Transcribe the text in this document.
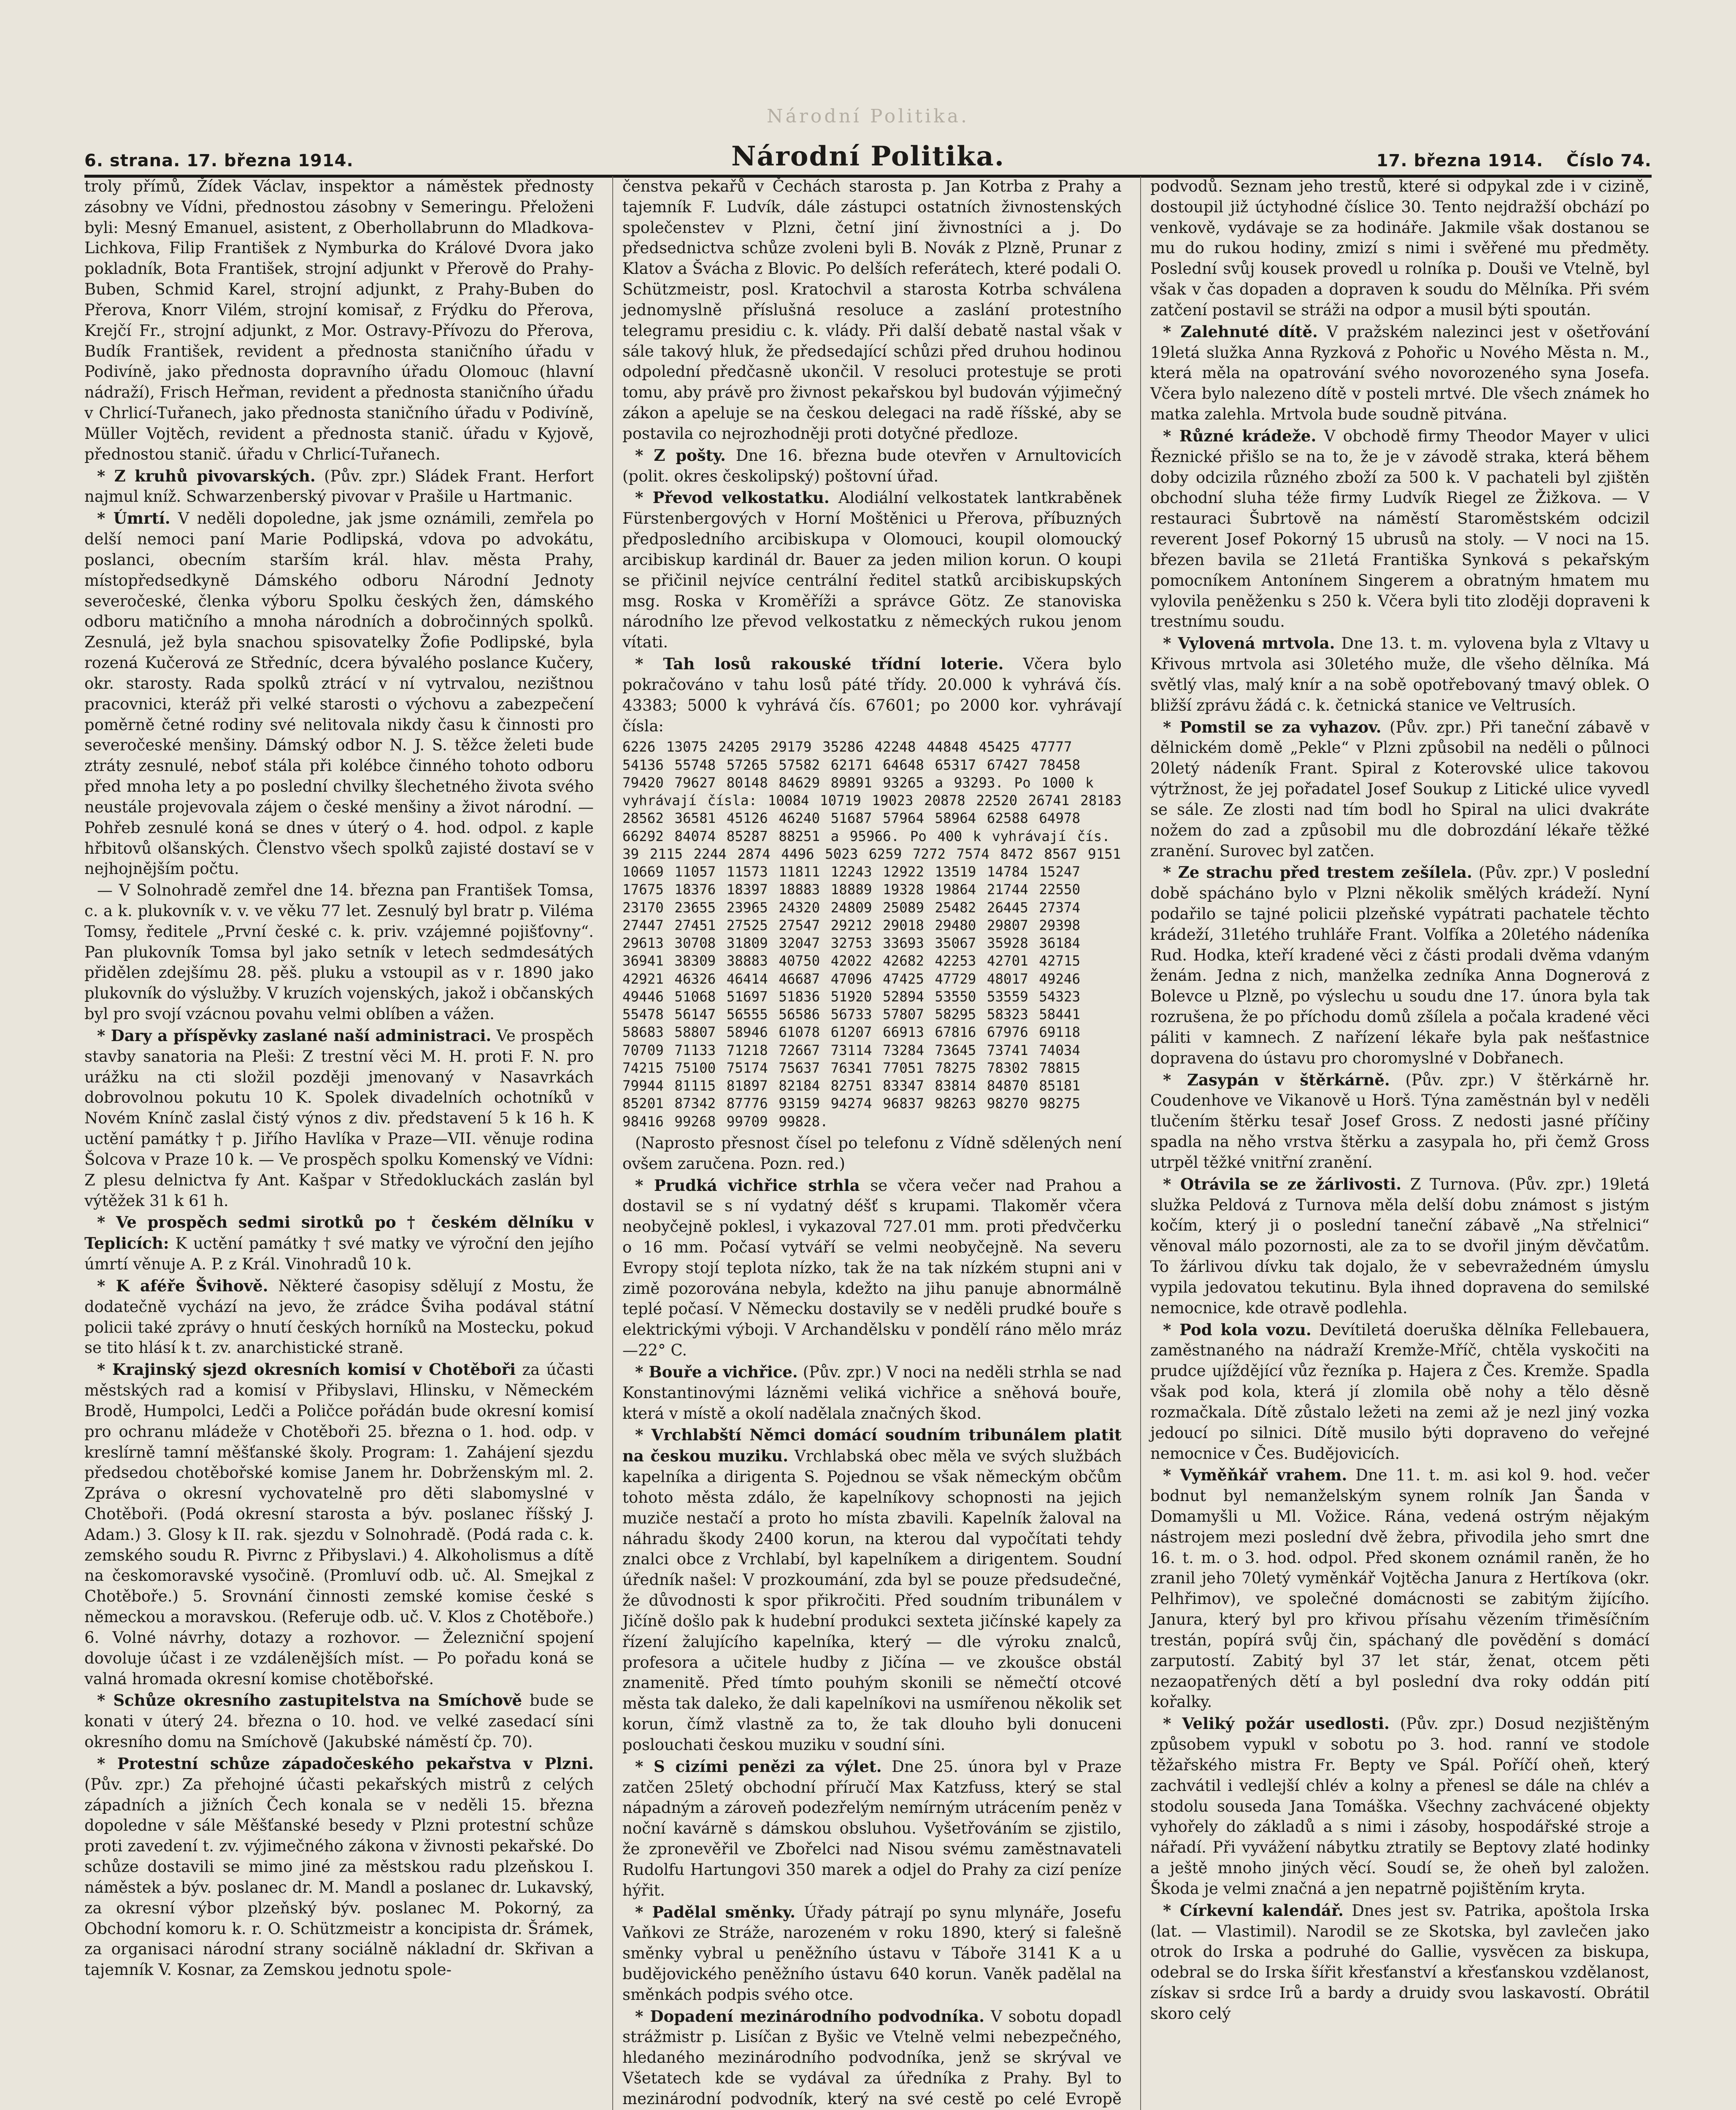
Národní Politika.
6. strana. 17. března 1914.	Národní Politika.	17. března 1914. Číslo 74.

troly přímů, Žídek Václav, inspektor a náměstek přednosty zásobny ve Vídni, přednostou zásobny v Semeringu. Přeloženi byli: Mesný Emanuel, asistent, z Oberhollabrunn do Mladkova-Lichkova, Filip František z Nymburka do Králové Dvora jako pokladník, Bota František, strojní adjunkt v Přerově do Prahy-Buben, Schmid Karel, strojní adjunkt, z Prahy-Buben do Přerova, Knorr Vilém, strojní komisař, z Frýdku do Přerova, Krejčí Fr., strojní adjunkt, z Mor. Ostravy-Přívozu do Přerova, Budík František, revident a přednosta staničního úřadu v Podivíně, jako přednosta dopravního úřadu Olomouc (hlavní nádraží), Frisch Heřman, revident a přednosta staničního úřadu v Chrlicí-Tuřanech, jako přednosta staničního úřadu v Podivíně, Müller Vojtěch, revident a přednosta stanič. úřadu v Kyjově, přednostou stanič. úřadu v Chrlicí-Tuřanech.

* Z kruhů pivovarských. (Pův. zpr.) Sládek Frant. Herfort najmul kníž. Schwarzenberský pivovar v Prašile u Hartmanic.

* Úmrtí. V neděli dopoledne, jak jsme oznámili, zemřela po delší nemoci paní Marie Podlipská, vdova po advokátu, poslanci, obecním starším král. hlav. města Prahy, místopředsedkyně Dámského odboru Národní Jednoty severočeské, členka výboru Spolku českých žen, dámského odboru matičního a mnoha národních a dobročinných spolků. Zesnulá, jež byla snachou spisovatelky Žofie Podlipské, byla rozená Kučerová ze Středníc, dcera bývalého poslance Kučery, okr. starosty. Rada spolků ztrácí v ní vytrvalou, nezištnou pracovnici, kteráž při velké starosti o výchovu a zabezpečení poměrně četné rodiny své nelitovala nikdy času k činnosti pro severočeské menšiny. Dámský odbor N. J. S. těžce želeti bude ztráty zesnulé, neboť stála při kolébce činného tohoto odboru před mnoha lety a po poslední chvilky šlechetného života svého neustále projevovala zájem o české menšiny a život národní. — Pohřeb zesnulé koná se dnes v úterý o 4. hod. odpol. z kaple hřbitovů olšanských. Členstvo všech spolků zajisté dostaví se v nejhojnějším počtu.

— V Solnohradě zemřel dne 14. března pan František Tomsa, c. a k. plukovník v. v. ve věku 77 let. Zesnulý byl bratr p. Viléma Tomsy, ředitele „První české c. k. priv. vzájemné pojišťovny“. Pan plukovník Tomsa byl jako setník v letech sedmdesátých přidělen zdejšímu 28. pěš. pluku a vstoupil as v r. 1890 jako plukovník do výslužby. V kruzích vojenských, jakož i občanských byl pro svojí vzácnou povahu velmi oblíben a vážen.

* Dary a příspěvky zaslané naší administraci. Ve prospěch stavby sanatoria na Pleši: Z trestní věci M. H. proti F. N. pro urážku na cti složil později jmenovaný v Nasavrkách dobrovolnou pokutu 10 K. Spolek divadelních ochotníků v Novém Knínč zaslal čistý výnos z div. představení 5 k 16 h. K uctění památky † p. Jiřího Havlíka v Praze—VII. věnuje rodina Šolcova v Praze 10 k. — Ve prospěch spolku Komenský ve Vídni: Z plesu delnictva fy Ant. Kašpar v Středokluckách zaslán byl výtěžek 31 k 61 h.

* Ve prospěch sedmi sirotků po † českém dělníku v Teplicích: K uctění památky † své matky ve výroční den jejího úmrtí věnuje A. P. z Král. Vinohradů 10 k.

* K aféře Švihově. Některé časopisy sdělují z Mostu, že dodatečně vychází na jevo, že zrádce Šviha podával státní policii také zprávy o hnutí českých horníků na Mostecku, pokud se tito hlásí k t. zv. anarchistické straně.

* Krajinský sjezd okresních komisí v Chotěboři za účasti městských rad a komisí v Přibyslavi, Hlinsku, v Německém Brodě, Humpolci, Ledči a Poličce pořádán bude okresní komisí pro ochranu mládeže v Chotěboři 25. března o 1. hod. odp. v kreslírně tamní měšťanské školy. Program: 1. Zahájení sjezdu předsedou chotěbořské komise Janem hr. Dobrženským ml. 2. Zpráva o okresní vychovatelně pro děti slabomyslné v Chotěboři. (Podá okresní starosta a býv. poslanec říšský J. Adam.) 3. Glosy k II. rak. sjezdu v Solnohradě. (Podá rada c. k. zemského soudu R. Pivrnc z Přibyslavi.) 4. Alkoholismus a dítě na českomoravské vysočině. (Promluví odb. uč. Al. Smejkal z Chotěboře.) 5. Srovnání činnosti zemské komise české s německou a moravskou. (Referuje odb. uč. V. Klos z Chotěboře.) 6. Volné návrhy, dotazy a rozhovor. — Železniční spojení dovoluje účast i ze vzdálenějších míst. — Po pořadu koná se valná hromada okresní komise chotěbořské.

* Schůze okresního zastupitelstva na Smíchově bude se konati v úterý 24. března o 10. hod. ve velké zasedací síni okresního domu na Smíchově (Jakubské náměstí čp. 70).

* Protestní schůze západočeského pekařstva v Plzni. (Pův. zpr.) Za přehojné účasti pekařských mistrů z celých západních a jižních Čech konala se v neděli 15. března dopoledne v sále Měšťanské besedy v Plzni protestní schůze proti zavedení t. zv. výjimečného zákona v živnosti pekařské. Do schůze dostavili se mimo jiné za městskou radu plzeňskou I. náměstek a býv. poslanec dr. M. Mandl a poslanec dr. Lukavský, za okresní výbor plzeňský býv. poslanec M. Pokorný, za Obchodní komoru k. r. O. Schützmeistr a koncipista dr. Šrámek, za organisaci národní strany sociálně nákladní dr. Skřivan a tajemník V. Kosnar, za Zemskou jednotu spole-

čenstva pekařů v Čechách starosta p. Jan Kotrba z Prahy a tajemník F. Ludvík, dále zástupci ostatních živnostenských společenstev v Plzni, četní jiní živnostníci a j. Do předsednictva schůze zvoleni byli B. Novák z Plzně, Prunar z Klatov a Švácha z Blovic. Po delších referátech, které podali O. Schützmeistr, posl. Kratochvil a starosta Kotrba schválena jednomyslně příslušná resoluce a zaslání protestního telegramu presidiu c. k. vlády. Při další debatě nastal však v sále takový hluk, že předsedající schůzi před druhou hodinou odpolední předčasně ukončil. V resoluci protestuje se proti tomu, aby právě pro živnost pekařskou byl budován výjimečný zákon a apeluje se na českou delegaci na radě říšské, aby se postavila co nejrozhodněji proti dotyčné předloze.

* Z pošty. Dne 16. března bude otevřen v Arnultovicích (polit. okres českolipský) poštovní úřad.

* Převod velkostatku. Alodiální velkostatek lantkraběnek Fürstenbergových v Horní Moštěnici u Přerova, příbuzných předposledního arcibiskupa v Olomouci, koupil olomoucký arcibiskup kardinál dr. Bauer za jeden milion korun. O koupi se přičinil nejvíce centrální ředitel statků arcibiskupských msg. Roska v Kroměříži a správce Götz. Ze stanoviska národního lze převod velkostatku z německých rukou jenom vítati.

* Tah losů rakouské třídní loterie. Včera bylo pokračováno v tahu losů páté třídy. 20.000 k vyhrává čís. 43383; 5000 k vyhrává čís. 67601; po 2000 kor. vyhrávají čísla:

6226 13075 24205 29179 35286 42248 44848 45425 47777 54136 55748 57265 57582 62171 64648 65317 67427 78458 79420 79627 80148 84629 89891 93265 a 93293. Po 1000 k vyhrávají čísla: 10084 10719 19023 20878 22520 26741 28183 28562 36581 45126 46240 51687 57964 58964 62588 64978 66292 84074 85287 88251 a 95966. Po 400 k vyhrávají čís. 39 2115 2244 2874 4496 5023 6259 7272 7574 8472 8567 9151 10669 11057 11573 11811 12243 12922 13519 14784 15247 17675 18376 18397 18883 18889 19328 19864 21744 22550 23170 23655 23965 24320 24809 25089 25482 26445 27374 27447 27451 27525 27547 29212 29018 29480 29807 29398 29613 30708 31809 32047 32753 33693 35067 35928 36184 36941 38309 38883 40750 42022 42682 42253 42701 42715 42921 46326 46414 46687 47096 47425 47729 48017 49246 49446 51068 51697 51836 51920 52894 53550 53559 54323 55478 56147 56555 56586 56733 57807 58295 58323 58441 58683 58807 58946 61078 61207 66913 67816 67976 69118 70709 71133 71218 72667 73114 73284 73645 73741 74034 74215 75100 75174 75637 76341 77051 78275 78302 78815 79944 81115 81897 82184 82751 83347 83814 84870 85181 85201 87342 87776 93159 94274 96837 98263 98270 98275 98416 99268 99709 99828.

(Naprosto přesnost čísel po telefonu z Vídně sdělených není ovšem zaručena. Pozn. red.)

* Prudká vichřice strhla se včera večer nad Prahou a dostavil se s ní vydatný déšť s krupami. Tlakoměr včera neobyčejně poklesl, i vykazoval 727.01 mm. proti předvčerku o 16 mm. Počasí vytváří se velmi neobyčejně. Na severu Evropy stojí teplota nízko, tak že na tak nízkém stupni ani v zimě pozorována nebyla, kdežto na jihu panuje abnormálně teplé počasí. V Německu dostavily se v neděli prudké bouře s elektrickými výboji. V Archandělsku v pondělí ráno mělo mráz —22° C.

* Bouře a vichřice. (Pův. zpr.) V noci na neděli strhla se nad Konstantinovými lázněmi veliká vichřice a sněhová bouře, která v místě a okolí nadělala značných škod.

* Vrchlabští Němci domácí soudním tribunálem platit na českou muziku. Vrchlabská obec měla ve svých službách kapelníka a dirigenta S. Pojednou se však německým občům tohoto města zdálo, že kapelníkovy schopnosti na jejich muziče nestačí a proto ho místa zbavili. Kapelník žaloval na náhradu škody 2400 korun, na kterou dal vypočítati tehdy znalci obce z Vrchlabí, byl kapelníkem a dirigentem. Soudní úředník našel: V prozkoumání, zda byl se pouze předsudečné, že důvodnosti k spor přikročiti. Před soudním tribunálem v Jičíně došlo pak k hudební produkci sexteta jičínské kapely za řízení žalujícího kapelníka, který — dle výroku znalců, profesora a učitele hudby z Jičína — ve zkoušce obstál znamenitě. Před tímto pouhým skonili se němečtí otcové města tak daleko, že dali kapelníkovi na usmířenou několik set korun, čímž vlastně za to, že tak dlouho byli donuceni poslouchati českou muziku v soudní síni.

* S cizími penězi za výlet. Dne 25. února byl v Praze zatčen 25letý obchodní příručí Max Katzfuss, který se stal nápadným a zároveň podezřelým nemírným utrácením peněz v noční kavárně s dámskou obsluhou. Vyšetřováním se zjistilo, že zpronevěřil ve Zbořelci nad Nisou svému zaměstnavateli Rudolfu Hartungovi 350 marek a odjel do Prahy za cizí peníze hýřit.

* Padělal směnky. Úřady pátrají po synu mlynáře, Josefu Vaňkovi ze Stráže, narozeném v roku 1890, který si falešně směnky vybral u peněžního ústavu v Táboře 3141 K a u budějovického peněžního ústavu 640 korun. Vaněk padělal na směnkách podpis svého otce.

* Dopadení mezinárodního podvodníka. V sobotu dopadl strážmistr p. Lisíčan z Byšic ve Vtelně velmi nebezpečného, hledaného mezinárodního podvodníka, jenž se skrýval ve Všetatech kde se vydával za úředníka z Prahy. Byl to mezinárodní podvodník, který na své cestě po celé Evropě

podvodů. Seznam jeho trestů, které si odpykal zde i v cizině, dostoupil již úctyhodné číslice 30. Tento nejdražší obchází po venkově, vydávaje se za hodináře. Jakmile však dostanou se mu do rukou hodiny, zmizí s nimi i svěřené mu předměty. Poslední svůj kousek provedl u rolníka p. Douši ve Vtelně, byl však v čas dopaden a dopraven k soudu do Mělníka. Při svém zatčení postavil se stráži na odpor a musil býti spoután.

* Zalehnuté dítě. V pražském nalezinci jest v ošetřování 19letá služka Anna Ryzková z Pohořic u Nového Města n. M., která měla na opatrování svého novorozeného syna Josefa. Včera bylo nalezeno dítě v posteli mrtvé. Dle všech známek ho matka zalehla. Mrtvola bude soudně pitvána.

* Různé krádeže. V obchodě firmy Theodor Mayer v ulici Řeznické přišlo se na to, že je v závodě straka, která během doby odcizila různého zboží za 500 k. V pachateli byl zjištěn obchodní sluha téže firmy Ludvík Riegel ze Žižkova. — V restauraci Šubrtově na náměstí Staroměstském odcizil reverent Josef Pokorný 15 ubrusů na stoly. — V noci na 15. březen bavila se 21letá Františka Synková s pekařským pomocníkem Antonínem Singerem a obratným hmatem mu vylovila peněženku s 250 k. Včera byli tito zloději dopraveni k trestnímu soudu.

* Vylovená mrtvola. Dne 13. t. m. vylovena byla z Vltavy u Křivous mrtvola asi 30letého muže, dle všeho dělníka. Má světlý vlas, malý knír a na sobě opotřebovaný tmavý oblek. O bližší zprávu žádá c. k. četnická stanice ve Veltrusích.

* Pomstil se za vyhazov. (Pův. zpr.) Při taneční zábavě v dělnickém domě „Pekle“ v Plzni způsobil na neděli o půlnoci 20letý nádeník Frant. Spiral z Koterovské ulice takovou výtržnost, že jej pořadatel Josef Soukup z Litické ulice vyvedl se sále. Ze zlosti nad tím bodl ho Spiral na ulici dvakráte nožem do zad a způsobil mu dle dobrozdání lékaře těžké zranění. Surovec byl zatčen.

* Ze strachu před trestem zešílela. (Pův. zpr.) V poslední době spácháno bylo v Plzni několik smělých krádeží. Nyní podařilo se tajné policii plzeňské vypátrati pachatele těchto krádeží, 31letého truhláře Frant. Volfíka a 20letého nádeníka Rud. Hodka, kteří kradené věci z části prodali dvěma vdaným ženám. Jedna z nich, manželka zedníka Anna Dognerová z Bolevce u Plzně, po výslechu u soudu dne 17. února byla tak rozrušena, že po příchodu domů zšílela a počala kradené věci páliti v kamnech. Z nařízení lékaře byla pak nešťastnice dopravena do ústavu pro choromyslné v Dobřanech.

* Zasypán v štěrkárně. (Pův. zpr.) V štěrkárně hr. Coudenhove ve Vikanově u Horš. Týna zaměstnán byl v neděli tlučením štěrku tesař Josef Gross. Z nedosti jasné příčiny spadla na něho vrstva štěrku a zasypala ho, při čemž Gross utrpěl těžké vnitřní zranění.

* Otrávila se ze žárlivosti. Z Turnova. (Pův. zpr.) 19letá služka Peldová z Turnova měla delší dobu známost s jistým kočím, který ji o poslední taneční zábavě „Na střelnici“ věnoval málo pozornosti, ale za to se dvořil jiným děvčatům. To žárlivou dívku tak dojalo, že v sebevražedném úmyslu vypila jedovatou tekutinu. Byla ihned dopravena do semilské nemocnice, kde otravě podlehla.

* Pod kola vozu. Devítiletá doeruška dělníka Fellebauera, zaměstnaného na nádraží Kremže-Mříč, chtěla vyskočiti na prudce ujíždějící vůz řezníka p. Hajera z Čes. Kremže. Spadla však pod kola, která jí zlomila obě nohy a tělo děsně rozmačkala. Dítě zůstalo ležeti na zemi až je nezl jiný vozka jedoucí po silnici. Dítě musilo býti dopraveno do veřejné nemocnice v Čes. Budějovicích.

* Vyměňkář vrahem. Dne 11. t. m. asi kol 9. hod. večer bodnut byl nemanželským synem rolník Jan Šanda v Domamyšli u Ml. Vožice. Rána, vedená ostrým nějakým nástrojem mezi poslední dvě žebra, přivodila jeho smrt dne 16. t. m. o 3. hod. odpol. Před skonem oznámil raněn, že ho zranil jeho 70letý vyměnkář Vojtěcha Janura z Hertíkova (okr. Pelhřimov), ve společné domácnosti se zabitým žijícího. Janura, který byl pro křivou přísahu vězením třiměsíčním trestán, popírá svůj čin, spáchaný dle povědění s domácí zarputostí. Zabitý byl 37 let stár, ženat, otcem pěti nezaopatřených dětí a byl poslední dva roky oddán pití kořalky.

* Veliký požár usedlosti. (Pův. zpr.) Dosud nezjištěným způsobem vypukl v sobotu po 3. hod. ranní ve stodole těžařského mistra Fr. Bepty ve Spál. Poříčí oheň, který zachvátil i vedlejší chlév a kolny a přenesl se dále na chlév a stodolu souseda Jana Tomáška. Všechny zachvácené objekty vyhořely do základů a s nimi i zásoby, hospodářské stroje a nářadí. Při vyvážení nábytku ztratily se Beptovy zlaté hodinky a ještě mnoho jiných věcí. Soudí se, že oheň byl založen. Škoda je velmi značná a jen nepatrně pojištěním kryta.

* Církevní kalendář. Dnes jest sv. Patrika, apoštola Irska (lat. — Vlastimil). Narodil se ze Skotska, byl zavlečen jako otrok do Irska a podruhé do Gallie, vysvěcen za biskupa, odebral se do Irska šířit křesťanství a křesťanskou vzdělanost, získav si srdce Irů a bardy a druidy svou laskavostí. Obrátil skoro celý
